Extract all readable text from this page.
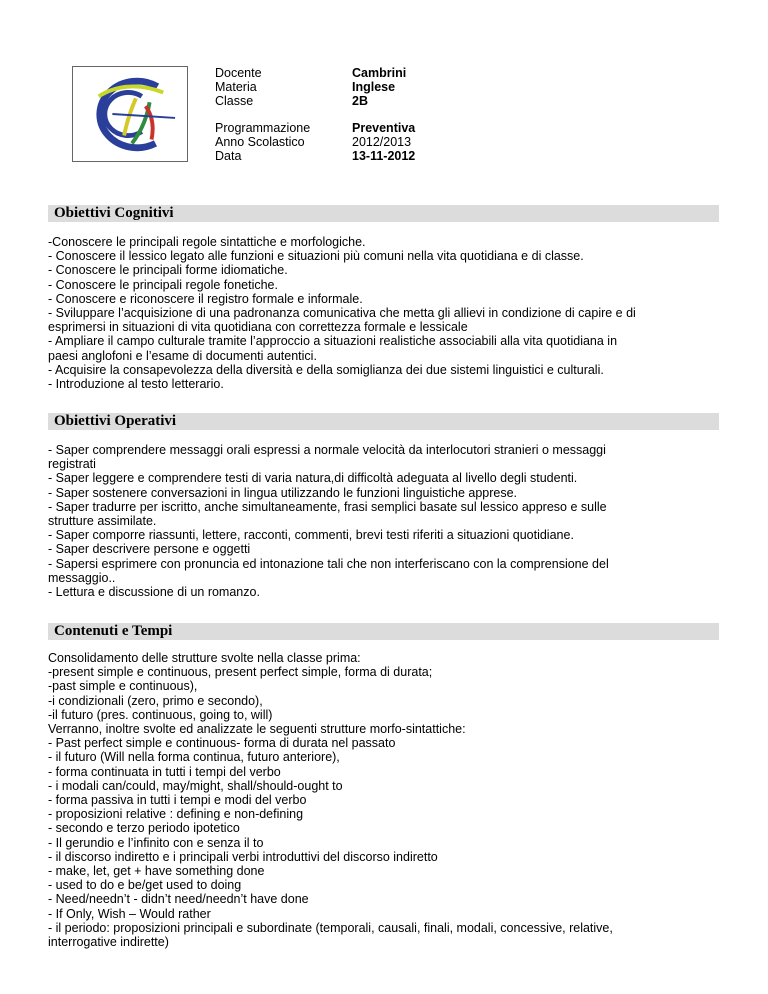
Docente
Materia
Classe
Cambrini
Inglese
2B
Programmazione
Anno Scolastico
Data
Preventiva
2012/2013
13-11-2012
Obiettivi Cognitivi
-Conoscere le principali regole sintattiche e morfologiche.
- Conoscere il lessico legato alle funzioni e situazioni più comuni nella vita quotidiana e di classe.
- Conoscere le principali forme idiomatiche.
- Conoscere le principali regole fonetiche.
- Conoscere e riconoscere il registro formale e informale.
- Sviluppare l’acquisizione di una padronanza comunicativa che metta gli allievi in condizione di capire e di
esprimersi in situazioni di vita quotidiana con correttezza formale e lessicale
- Ampliare il campo culturale tramite l’approccio a situazioni realistiche associabili alla vita quotidiana in
paesi anglofoni e l’esame di documenti autentici.
- Acquisire la consapevolezza della diversità e della somiglianza dei due sistemi linguistici e culturali.
- Introduzione al testo letterario.
Obiettivi Operativi
- Saper comprendere messaggi orali espressi a normale velocità da interlocutori stranieri o messaggi
registrati
- Saper leggere e comprendere testi di varia natura,di difficoltà adeguata al livello degli studenti.
- Saper sostenere conversazioni in lingua utilizzando le funzioni linguistiche apprese.
- Saper tradurre per iscritto, anche simultaneamente, frasi semplici basate sul lessico appreso e sulle
strutture assimilate.
- Saper comporre riassunti, lettere, racconti, commenti, brevi testi riferiti a situazioni quotidiane.
- Saper descrivere persone e oggetti
- Sapersi esprimere con pronuncia ed intonazione tali che non interferiscano con la comprensione del
messaggio..
- Lettura e discussione di un romanzo.
Contenuti e Tempi
Consolidamento delle strutture svolte nella classe prima:
-present simple e continuous, present perfect simple, forma di durata;
-past simple e continuous),
-i condizionali (zero, primo e secondo),
-il futuro (pres. continuous, going to, will)
Verranno, inoltre svolte ed analizzate le seguenti strutture morfo-sintattiche:
- Past perfect simple e continuous- forma di durata nel passato
- il futuro (Will nella forma continua, futuro anteriore),
- forma continuata in tutti i tempi del verbo
- i modali can/could, may/might, shall/should-ought to
- forma passiva in tutti i tempi e modi del verbo
- proposizioni relative : defining e non-defining
- secondo e terzo periodo ipotetico
- Il gerundio e l’infinito con e senza il to
- il discorso indiretto e i principali verbi introduttivi del discorso indiretto
- make, let, get + have something done
- used to do e be/get used to doing
- Need/needn’t - didn’t need/needn’t have done
- If Only, Wish – Would rather
- il periodo: proposizioni principali e subordinate (temporali, causali, finali, modali, concessive, relative,
interrogative indirette)
